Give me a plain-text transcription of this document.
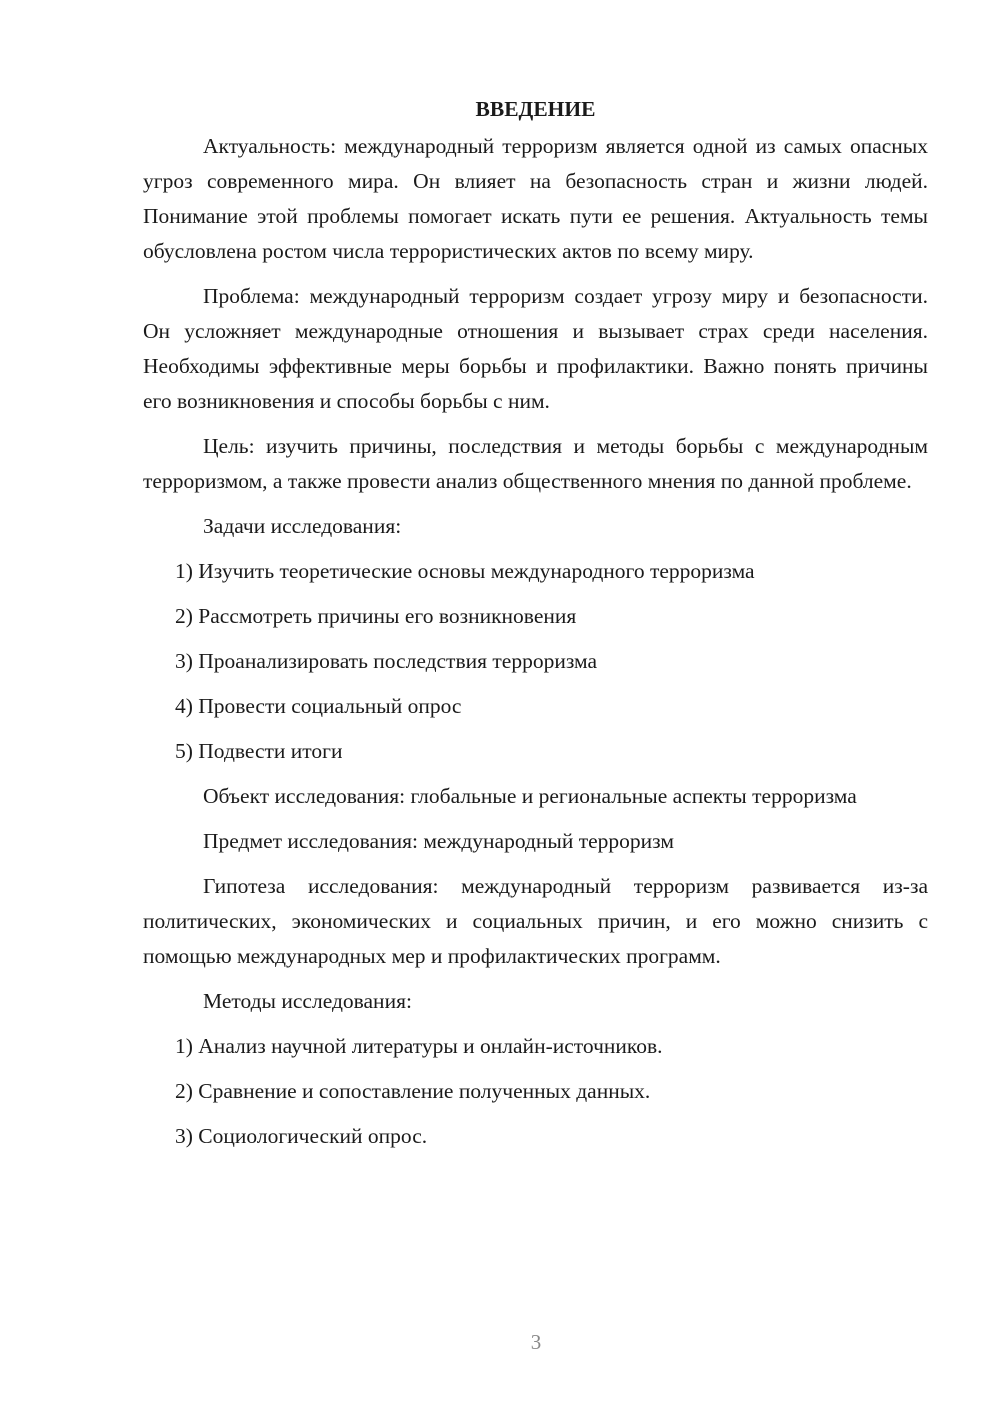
ВВЕДЕНИЕ

Актуальность: международный терроризм является одной из самых опасных угроз современного мира. Он влияет на безопасность стран и жизни людей. Понимание этой проблемы помогает искать пути ее решения. Актуальность темы обусловлена ростом числа террористических актов по всему миру.

Проблема: международный терроризм создает угрозу миру и безопасности. Он усложняет международные отношения и вызывает страх среди населения. Необходимы эффективные меры борьбы и профилактики. Важно понять причины его возникновения и способы борьбы с ним.

Цель: изучить причины, последствия и методы борьбы с международным терроризмом, а также провести анализ общественного мнения по данной проблеме.

Задачи исследования:

1) Изучить теоретические основы международного терроризма
2) Рассмотреть причины его возникновения
3) Проанализировать последствия терроризма
4) Провести социальный опрос
5) Подвести итоги

Объект исследования: глобальные и региональные аспекты терроризма

Предмет исследования: международный терроризм

Гипотеза исследования: международный терроризм развивается из-за политических, экономических и социальных причин, и его можно снизить с помощью международных мер и профилактических программ.

Методы исследования:

1) Анализ научной литературы и онлайн-источников.
2) Сравнение и сопоставление полученных данных.
3) Социологический опрос.
3
